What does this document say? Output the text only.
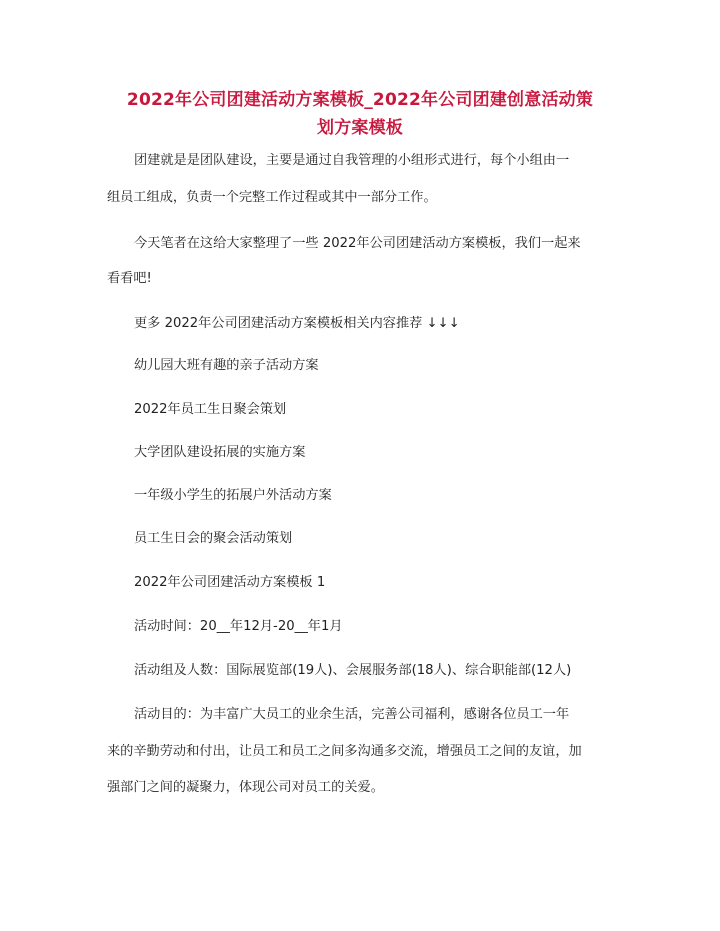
2022年公司团建活动方案模板_2022年公司团建创意活动策
划方案模板
团建就是是团队建设，主要是通过自我管理的小组形式进行，每个小组由一
组员工组成，负责一个完整工作过程或其中一部分工作。
今天笔者在这给大家整理了一些 2022年公司团建活动方案模板，我们一起来
看看吧!
更多 2022年公司团建活动方案模板相关内容推荐 ↓↓↓
幼儿园大班有趣的亲子活动方案
2022年员工生日聚会策划
大学团队建设拓展的实施方案
一年级小学生的拓展户外活动方案
员工生日会的聚会活动策划
2022年公司团建活动方案模板 1
活动时间：20__年12月-20__年1月
活动组及人数：国际展览部(19人)、会展服务部(18人)、综合职能部(12人)
活动目的：为丰富广大员工的业余生活，完善公司福利，感谢各位员工一年
来的辛勤劳动和付出，让员工和员工之间多沟通多交流，增强员工之间的友谊，加
强部门之间的凝聚力，体现公司对员工的关爱。
